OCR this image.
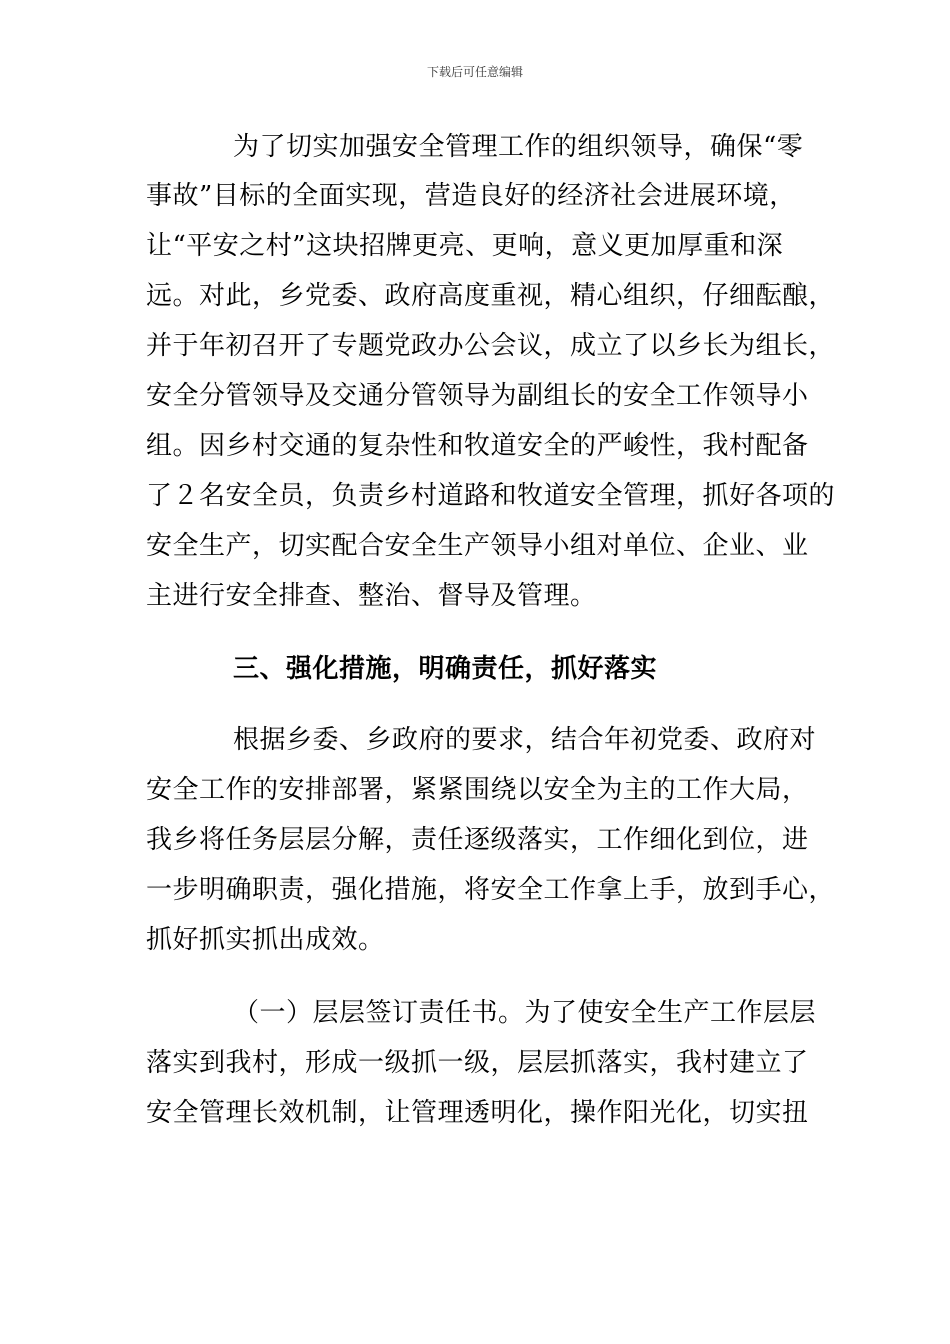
下载后可任意编辑
为了切实加强安全管理工作的组织领导，确保“零
事故”目标的全面实现，营造良好的经济社会进展环境，
让“平安之村”这块招牌更亮、更响，意义更加厚重和深
远。对此，乡党委、政府高度重视，精心组织，仔细酝酿，
并于年初召开了专题党政办公会议，成立了以乡长为组长，
安全分管领导及交通分管领导为副组长的安全工作领导小
组。因乡村交通的复杂性和牧道安全的严峻性，我村配备
了２名安全员，负责乡村道路和牧道安全管理，抓好各项的
安全生产，切实配合安全生产领导小组对单位、企业、业
主进行安全排查、整治、督导及管理。
三、强化措施，明确责任，抓好落实
根据乡委、乡政府的要求，结合年初党委、政府对
安全工作的安排部署，紧紧围绕以安全为主的工作大局，
我乡将任务层层分解，责任逐级落实，工作细化到位，进
一步明确职责，强化措施，将安全工作拿上手，放到手心，
抓好抓实抓出成效。
（一）层层签订责任书。为了使安全生产工作层层
落实到我村，形成一级抓一级，层层抓落实，我村建立了
安全管理长效机制，让管理透明化，操作阳光化，切实扭
